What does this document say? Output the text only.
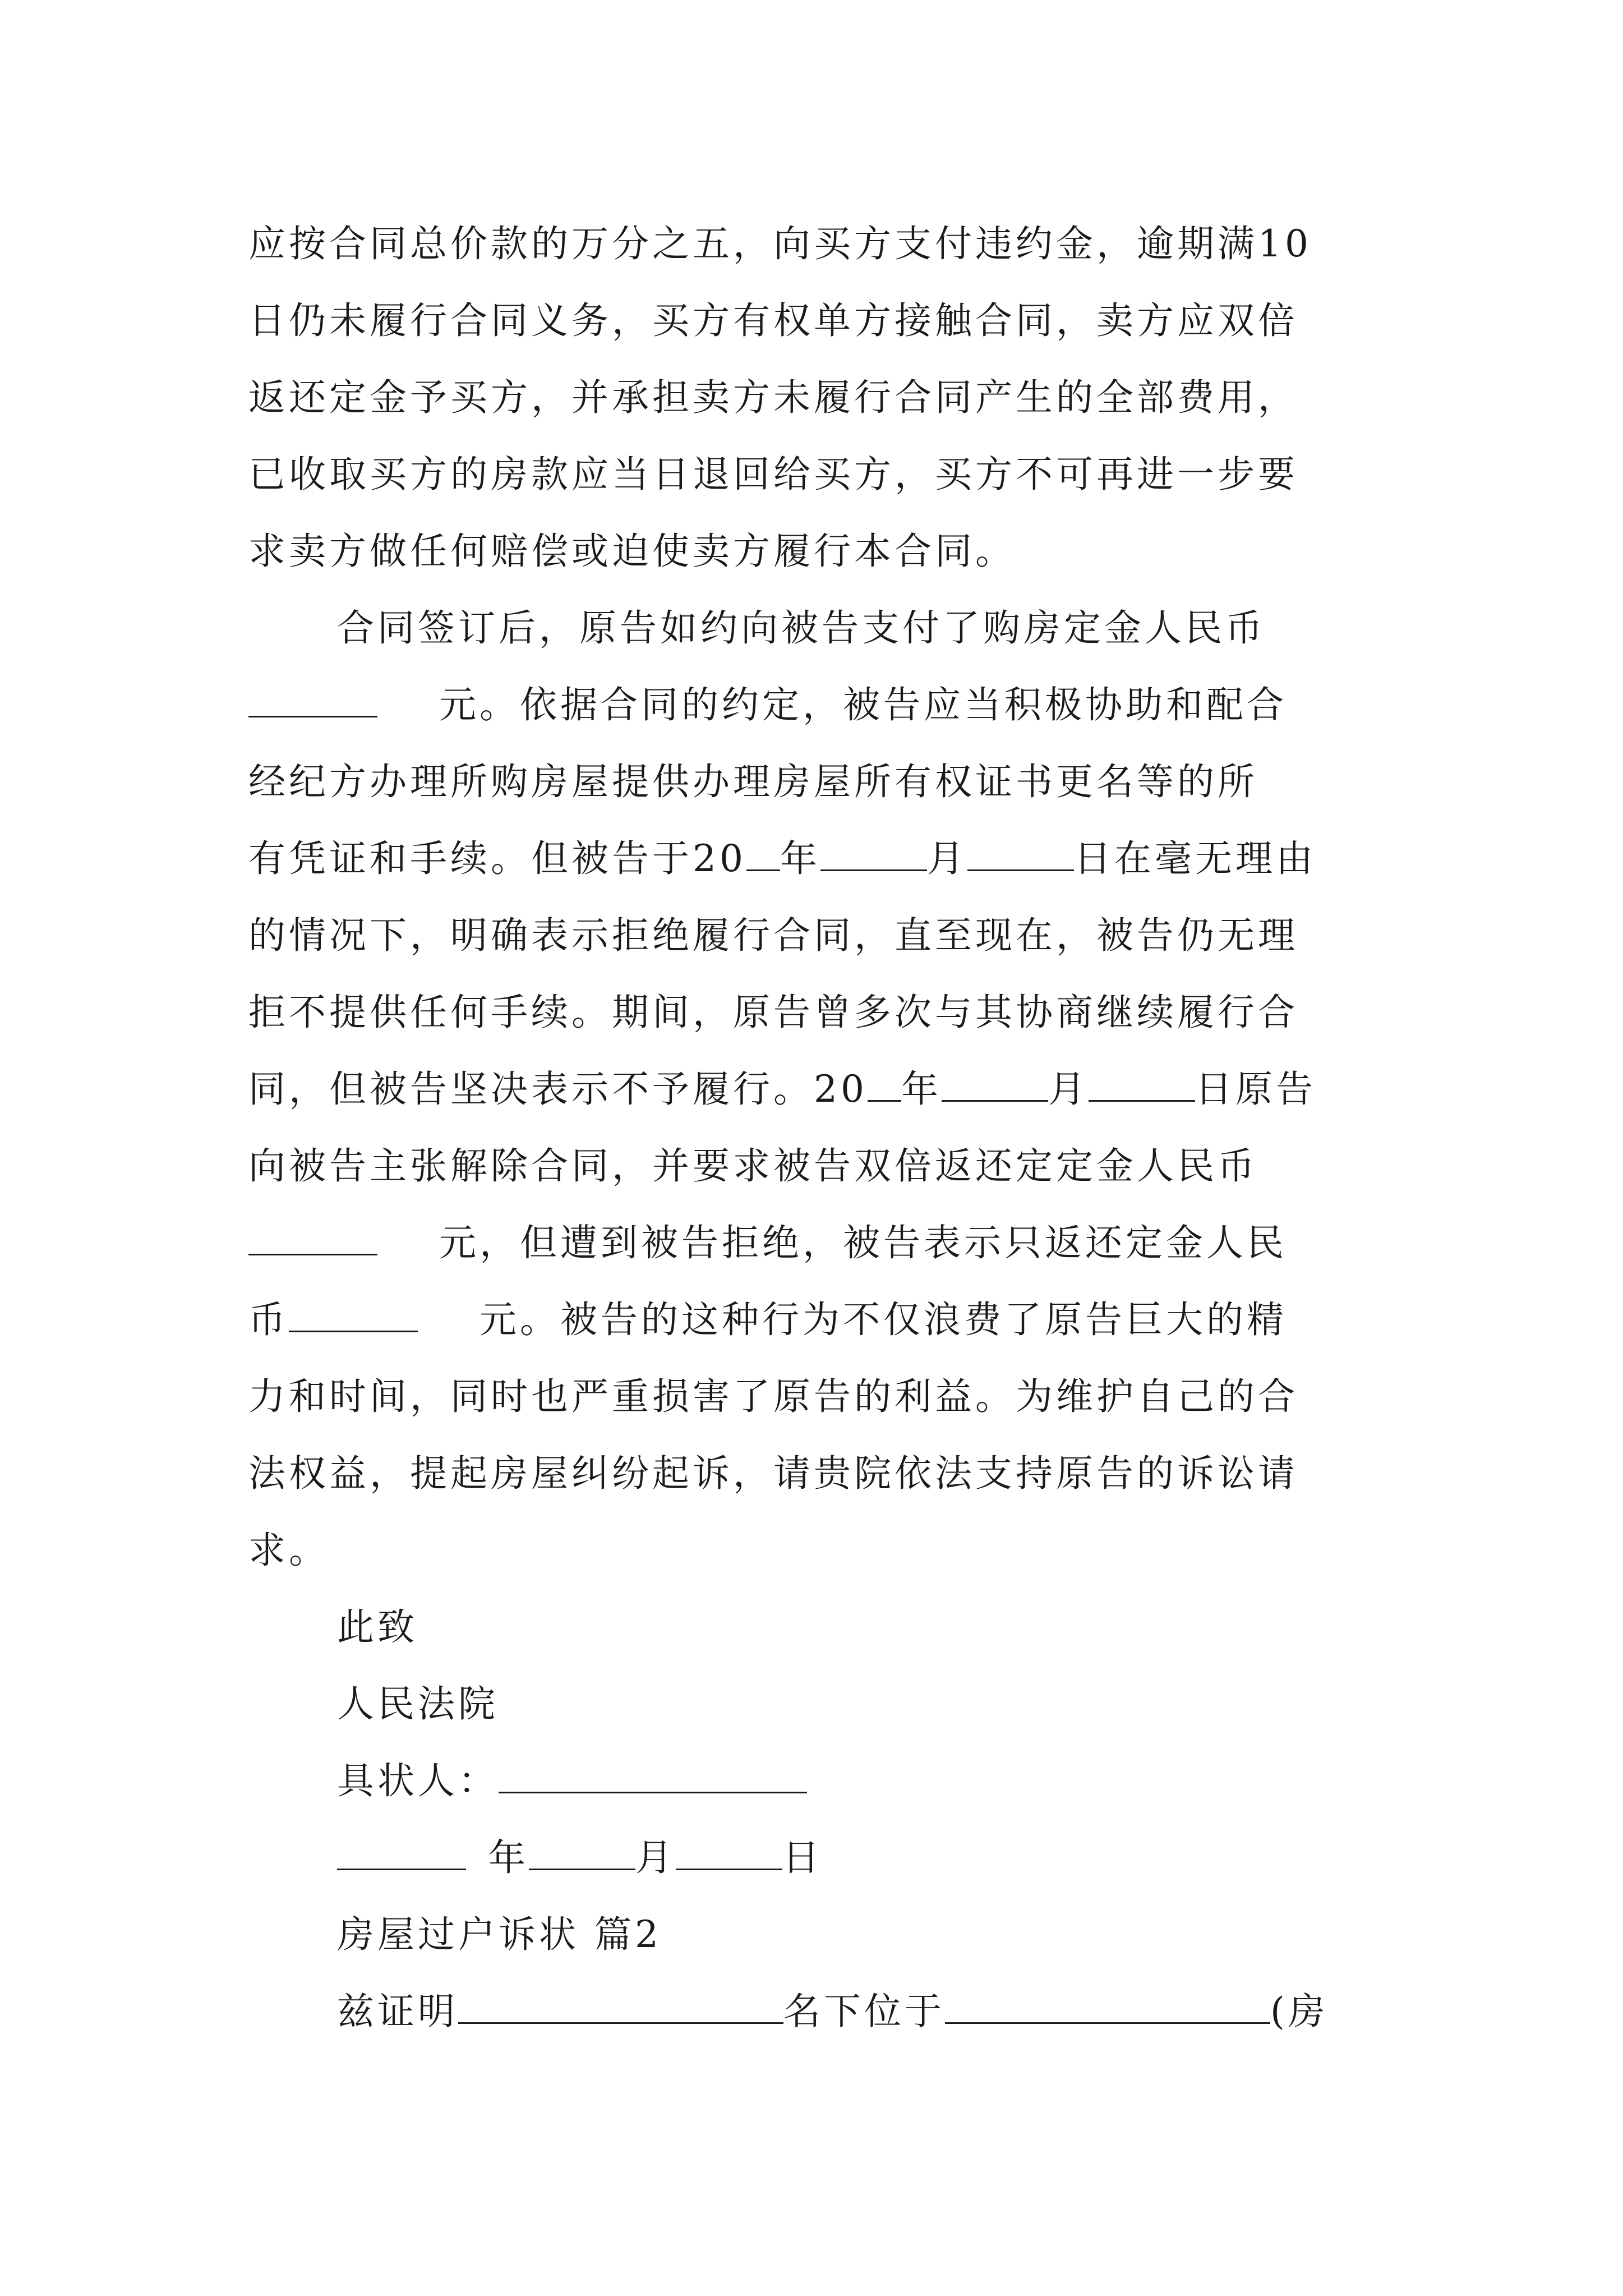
应按合同总价款的万分之五，向买方支付违约金，逾期满10
日仍未履行合同义务，买方有权单方接触合同，卖方应双倍
返还定金予买方，并承担卖方未履行合同产生的全部费用，
已收取买方的房款应当日退回给买方，买方不可再进一步要
求卖方做任何赔偿或迫使卖方履行本合同。
合同签订后，原告如约向被告支付了购房定金人民币
元。依据合同的约定，被告应当积极协助和配合
经纪方办理所购房屋提供办理房屋所有权证书更名等的所
有凭证和手续。但被告于20 年	月	日在毫无理由
的情况下，明确表示拒绝履行合同，直至现在，被告仍无理
拒不提供任何手续。期间，原告曾多次与其协商继续履行合
同，但被告坚决表示不予履行。20 年	月	日原告
向被告主张解除合同，并要求被告双倍返还定定金人民币
元，但遭到被告拒绝，被告表示只返还定金人民
币	元。被告的这种行为不仅浪费了原告巨大的精
力和时间，同时也严重损害了原告的利益。为维护自己的合
法权益，提起房屋纠纷起诉，请贵院依法支持原告的诉讼请
求。
此致
人民法院
具状人：
年	月	日
房屋过户诉状 篇2
兹证明	名下位于	(房
